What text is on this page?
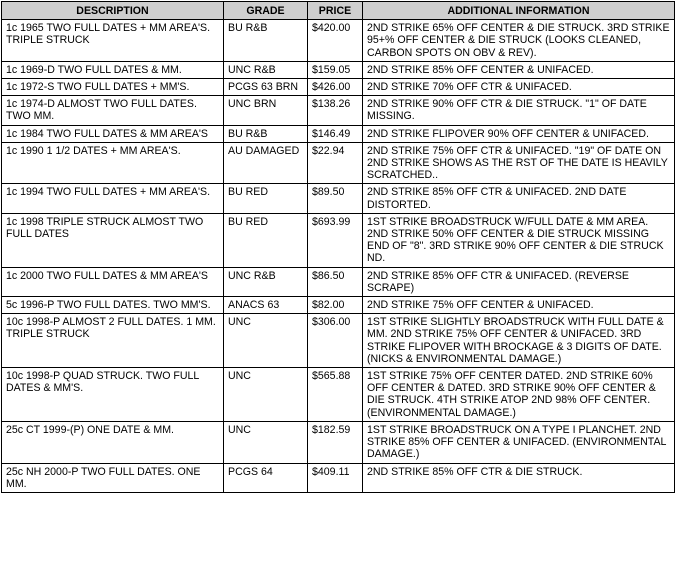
DESCRIPTION	GRADE	PRICE	ADDITIONAL INFORMATION
1c 1965 TWO FULL DATES + MM AREA'S. TRIPLE STRUCK	BU R&B	$420.00	2ND STRIKE 65% OFF CENTER & DIE STRUCK. 3RD STRIKE 95+% OFF CENTER & DIE STRUCK (LOOKS CLEANED, CARBON SPOTS ON OBV & REV).
1c 1969-D TWO FULL DATES & MM.	UNC R&B	$159.05	2ND STRIKE 85% OFF CENTER & UNIFACED.
1c 1972-S TWO FULL DATES + MM'S.	PCGS 63 BRN	$426.00	2ND STRIKE 70% OFF CTR & UNIFACED.
1c 1974-D ALMOST TWO FULL DATES. TWO MM.	UNC BRN	$138.26	2ND STRIKE 90% OFF CTR & DIE STRUCK. "1" OF DATE MISSING.
1c 1984 TWO FULL DATES & MM AREA'S	BU R&B	$146.49	2ND STRIKE FLIPOVER 90% OFF CENTER & UNIFACED.
1c 1990 1 1/2 DATES + MM AREA'S.	AU DAMAGED	$22.94	2ND STRIKE 75% OFF CTR & UNIFACED. "19" OF DATE ON 2ND STRIKE SHOWS AS THE RST OF THE DATE IS HEAVILY SCRATCHED..
1c 1994 TWO FULL DATES + MM AREA'S.	BU RED	$89.50	2ND STRIKE 85% OFF CTR & UNIFACED. 2ND DATE DISTORTED.
1c 1998 TRIPLE STRUCK ALMOST TWO FULL DATES	BU RED	$693.99	1ST STRIKE BROADSTRUCK W/FULL DATE & MM AREA. 2ND STRIKE 50% OFF CENTER & DIE STRUCK MISSING END OF "8". 3RD STRIKE 90% OFF CENTER & DIE STRUCK ND.
1c 2000 TWO FULL DATES & MM AREA'S	UNC R&B	$86.50	2ND STRIKE 85% OFF CTR & UNIFACED. (REVERSE SCRAPE)
5c 1996-P TWO FULL DATES. TWO MM'S.	ANACS 63	$82.00	2ND STRIKE 75% OFF CENTER & UNIFACED.
10c 1998-P ALMOST 2 FULL DATES. 1 MM. TRIPLE STRUCK	UNC	$306.00	1ST STRIKE SLIGHTLY BROADSTRUCK WITH FULL DATE & MM. 2ND STRIKE 75% OFF CENTER & UNIFACED. 3RD STRIKE FLIPOVER WITH BROCKAGE & 3 DIGITS OF DATE. (NICKS & ENVIRONMENTAL DAMAGE.)
10c 1998-P QUAD STRUCK. TWO FULL DATES & MM'S.	UNC	$565.88	1ST STRIKE 75% OFF CENTER DATED. 2ND STRIKE 60% OFF CENTER & DATED. 3RD STRIKE 90% OFF CENTER & DIE STRUCK. 4TH STRIKE ATOP 2ND 98% OFF CENTER. (ENVIRONMENTAL DAMAGE.)
25c CT 1999-(P) ONE DATE & MM.	UNC	$182.59	1ST STRIKE BROADSTRUCK ON A TYPE I PLANCHET. 2ND STRIKE 85% OFF CENTER & UNIFACED. (ENVIRONMENTAL DAMAGE.)
25c NH 2000-P TWO FULL DATES. ONE MM.	PCGS 64	$409.11	2ND STRIKE 85% OFF CTR & DIE STRUCK.
